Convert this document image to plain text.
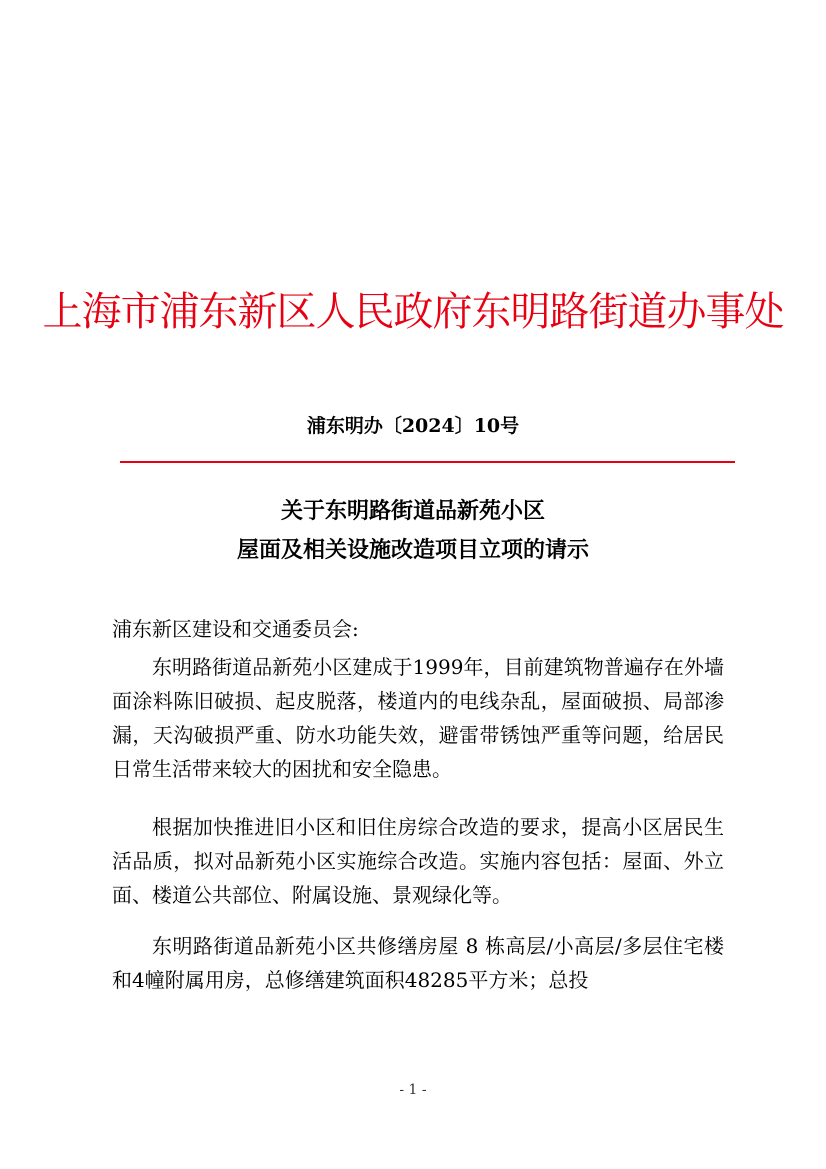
上海市浦东新区人民政府东明路街道办事处
浦东明办〔2024〕10号
关于东明路街道品新苑小区
屋面及相关设施改造项目立项的请示
浦东新区建设和交通委员会:

东明路街道品新苑小区建成于1999年，目前建筑物普遍存在外墙面涂料陈旧破损、起皮脱落，楼道内的电线杂乱，屋面破损、局部渗漏，天沟破损严重、防水功能失效，避雷带锈蚀严重等问题，给居民日常生活带来较大的困扰和安全隐患。

根据加快推进旧小区和旧住房综合改造的要求，提高小区居民生活品质，拟对品新苑小区实施综合改造。实施内容包括：屋面、外立面、楼道公共部位、附属设施、景观绿化等。

东明路街道品新苑小区共修缮房屋 8 栋高层/小高层/多层住宅楼和4幢附属用房，总修缮建筑面积48285平方米；总投

- 1 -
